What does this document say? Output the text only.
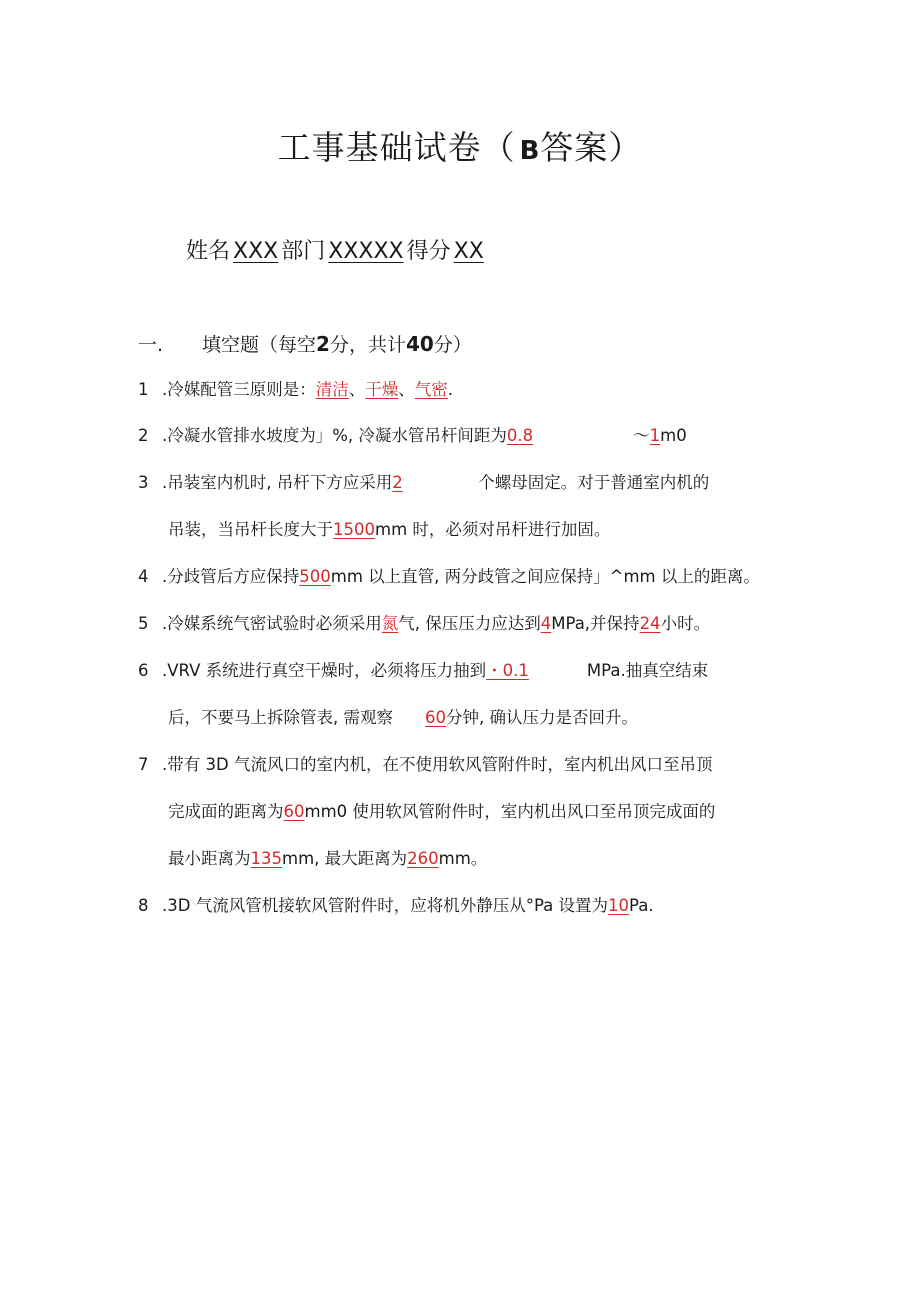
工事基础试卷（ B答案）
姓名 XXX 部门 XXXXX 得分 XX
一. 填空题（每空2分，共计40分）
1 .冷媒配管三原则是：清洁、干燥、气密.
2 .冷凝水管排水坡度为」%, 冷凝水管吊杆间距为0.8	～1m0
3 .吊装室内机时, 吊杆下方应采用2	个螺母固定。对于普通室内机的
吊装，当吊杆长度大于1500mm 时，必须对吊杆进行加固。
4 .分歧管后方应保持500mm 以上直管, 两分歧管之间应保持」^mm 以上的距离。
5 .冷媒系统气密试验时必须采用氮气, 保压压力应达到4MPa,并保持24小时。
6 .VRV 系统进行真空干燥时，必须将压力抽到・0.1	MPa.抽真空结束
后，不要马上拆除管表, 需观察 60分钟, 确认压力是否回升。
7 .带有 3D 气流风口的室内机，在不使用软风管附件时，室内机出风口至吊顶
完成面的距离为60mm0 使用软风管附件时，室内机出风口至吊顶完成面的
最小距离为135mm, 最大距离为260mm。
8 .3D 气流风管机接软风管附件时，应将机外静压从°Pa 设置为10Pa.
